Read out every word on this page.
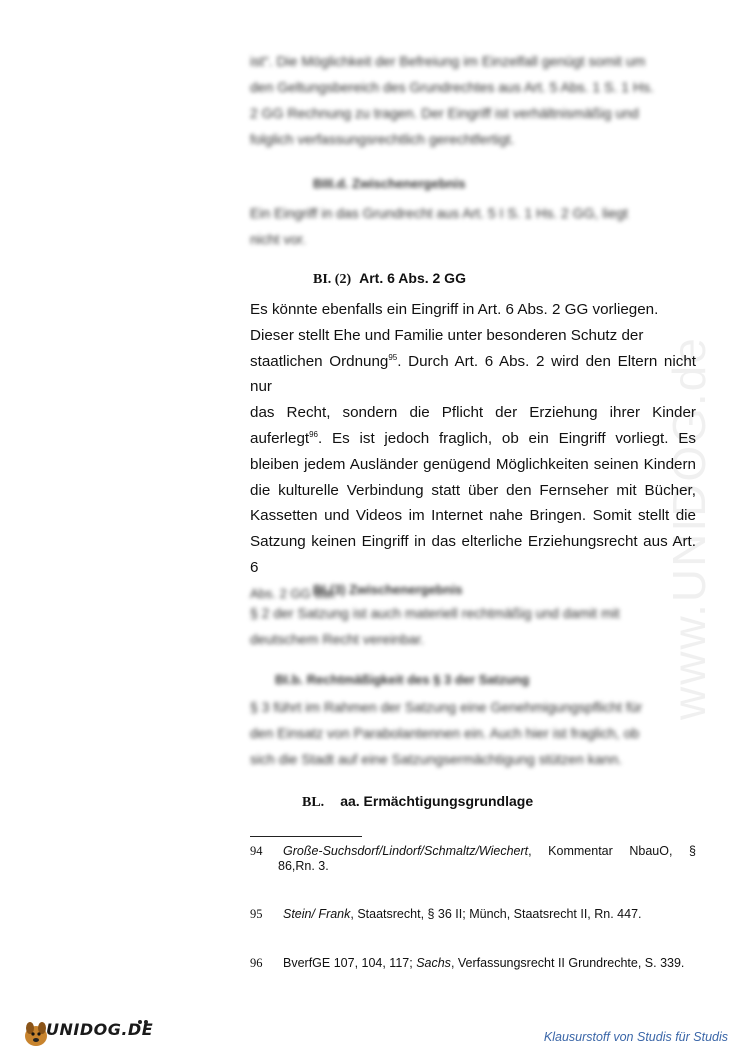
www.UNIDOG.de
ist“. Die Möglichkeit der Befreiung im Einzelfall genügt somit um
den Geltungsbereich des Grundrechtes aus Art. 5 Abs. 1 S. 1 Hs.
2 GG Rechnung zu tragen. Der Eingriff ist verhältnismäßig und
folglich verfassungsrechtlich gerechtfertigt.
BIII.d. Zwischenergebnis
Ein Eingriff in das Grundrecht aus Art. 5 I S. 1 Hs. 2 GG, liegt
nicht vor.
BI. (2) Art. 6 Abs. 2 GG
Es könnte ebenfalls ein Eingriff in Art. 6 Abs. 2 GG vorliegen.
Dieser stellt Ehe und Familie unter besonderen Schutz der
staatlichen Ordnung$^{95}$. Durch Art. 6 Abs. 2 wird den Eltern nicht nur
das Recht, sondern die Pflicht der Erziehung ihrer Kinder
auferlegt$^{96}$. Es ist jedoch fraglich, ob ein Eingriff vorliegt. Es
bleiben jedem Ausländer genügend Möglichkeiten seinen Kindern
die kulturelle Verbindung statt über den Fernseher mit Bücher,
Kassetten und Videos im Internet nahe Bringen. Somit stellt die
Satzung keinen Eingriff in das elterliche Erziehungsrecht aus Art. 6
Abs. 2 GG dar.
BI.(3) Zwischenergebnis
§ 2 der Satzung ist auch materiell rechtmäßig und damit mit
deutschem Recht vereinbar.
BI.b. Rechtmäßigkeit des § 3 der Satzung
§ 3 führt im Rahmen der Satzung eine Genehmigungspflicht für
den Einsatz von Parabolantennen ein. Auch hier ist fraglich, ob
sich die Stadt auf eine Satzungsermächtigung stützen kann.
BL. aa. Ermächtigungsgrundlage
94 Große-Suchsdorf/Lindorf/Schmaltz/Wiechert, Kommentar NbauO, §
86,Rn. 3.
95 Stein/ Frank, Staatsrecht, § 36 II; Münch, Staatsrecht II, Rn. 447.
96 BverfGE 107, 104, 117; Sachs, Verfassungsrecht II Grundrechte, S. 339.
UNIDOG.DE	Klausurstoff von Studis für Studis
